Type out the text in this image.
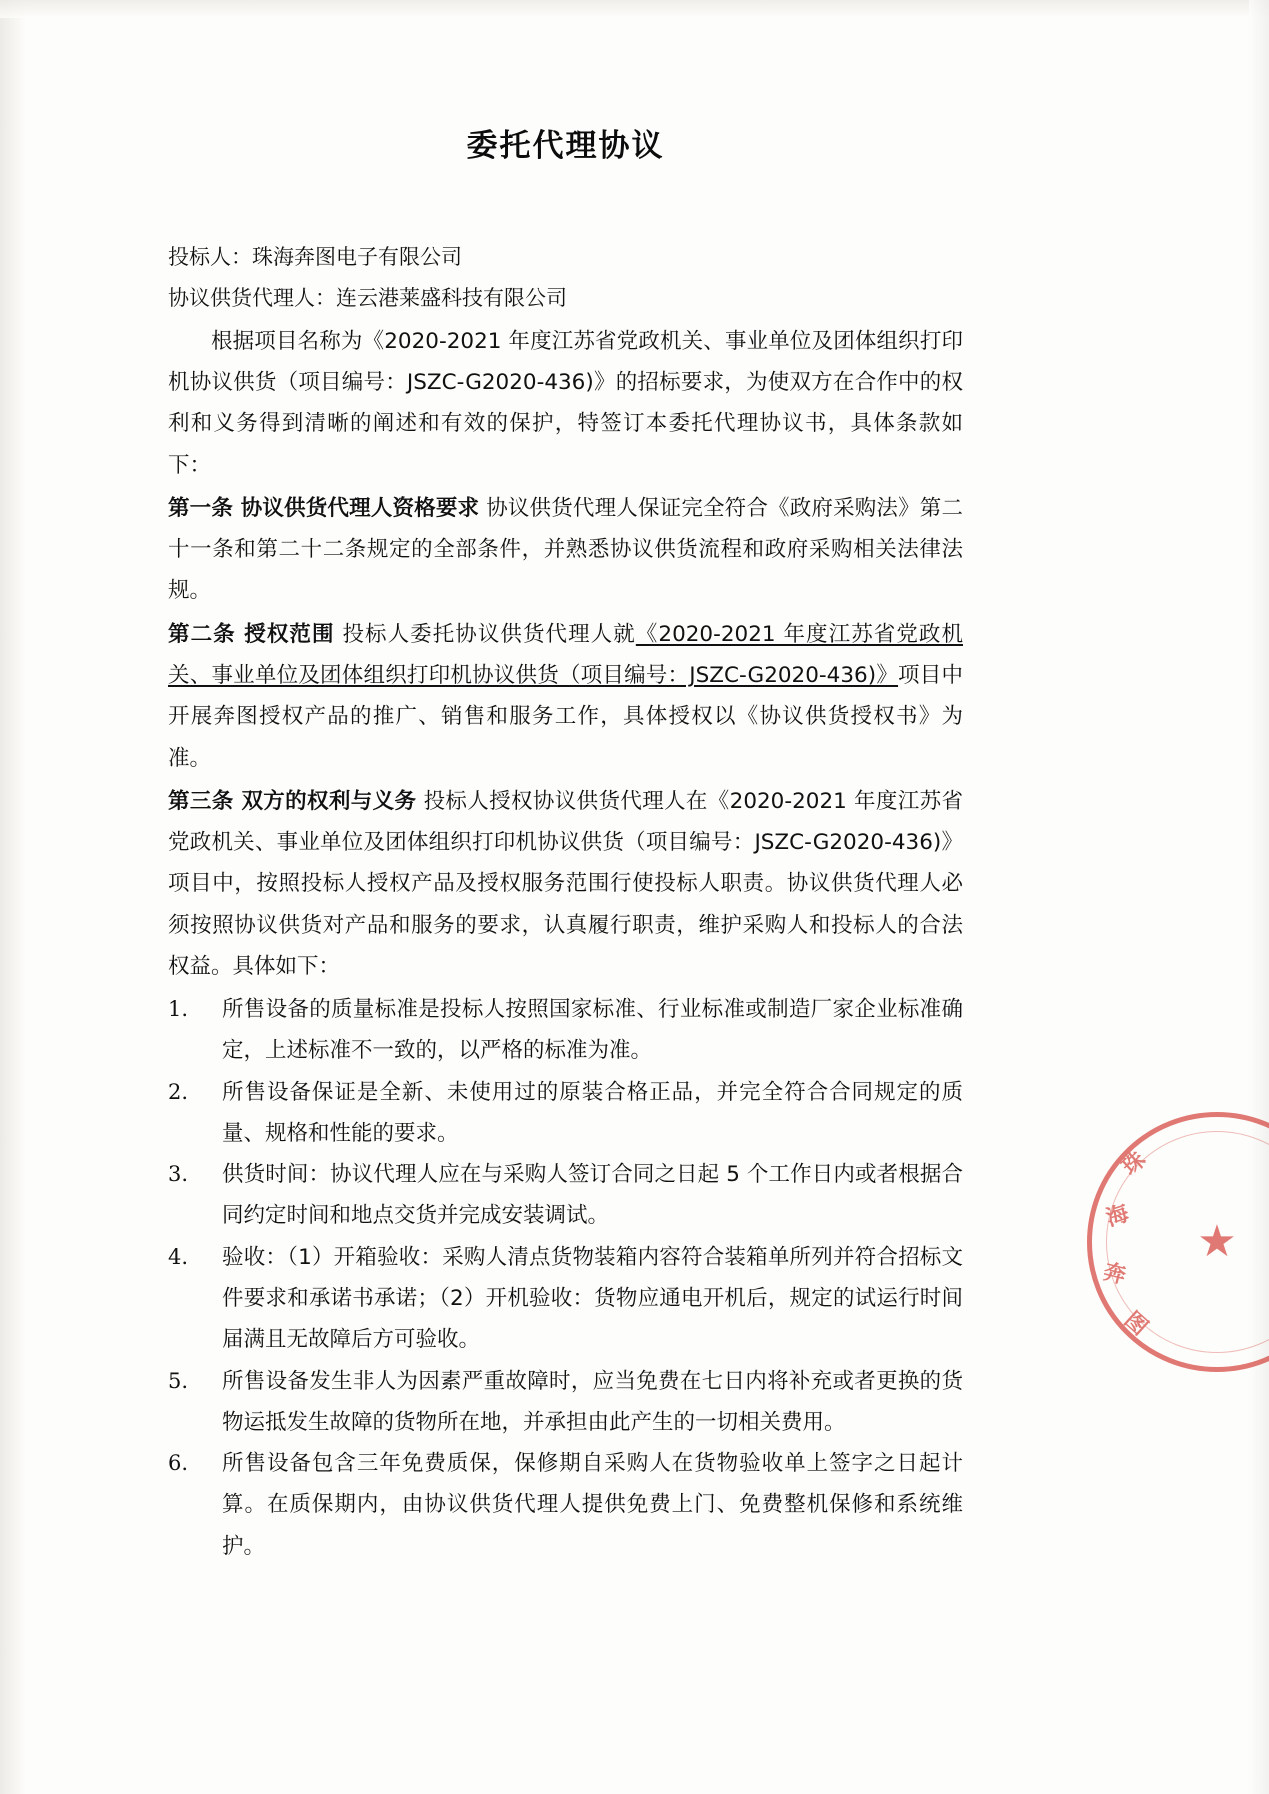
委托代理协议
投标人：珠海奔图电子有限公司
协议供货代理人：连云港莱盛科技有限公司

根据项目名称为《2020-2021 年度江苏省党政机关、事业单位及团体组织打印机协议供货（项目编号：JSZC-G2020-436)》的招标要求，为使双方在合作中的权利和义务得到清晰的阐述和有效的保护，特签订本委托代理协议书，具体条款如下：

第一条 协议供货代理人资格要求 协议供货代理人保证完全符合《政府采购法》第二十一条和第二十二条规定的全部条件，并熟悉协议供货流程和政府采购相关法律法规。

第二条 授权范围 投标人委托协议供货代理人就《2020-2021 年度江苏省党政机关、事业单位及团体组织打印机协议供货（项目编号：JSZC-G2020-436)》项目中开展奔图授权产品的推广、销售和服务工作，具体授权以《协议供货授权书》为准。

第三条 双方的权利与义务 投标人授权协议供货代理人在《2020-2021 年度江苏省党政机关、事业单位及团体组织打印机协议供货（项目编号：JSZC-G2020-436)》项目中，按照投标人授权产品及授权服务范围行使投标人职责。协议供货代理人必须按照协议供货对产品和服务的要求，认真履行职责，维护采购人和投标人的合法权益。具体如下：

1.	所售设备的质量标准是投标人按照国家标准、行业标准或制造厂家企业标准确定，上述标准不一致的，以严格的标准为准。
2.	所售设备保证是全新、未使用过的原装合格正品，并完全符合合同规定的质量、规格和性能的要求。
3.	供货时间：协议代理人应在与采购人签订合同之日起 5 个工作日内或者根据合同约定时间和地点交货并完成安装调试。
4.	验收：（1）开箱验收：采购人清点货物装箱内容符合装箱单所列并符合招标文件要求和承诺书承诺；（2）开机验收：货物应通电开机后，规定的试运行时间届满且无故障后方可验收。
5.	所售设备发生非人为因素严重故障时，应当免费在七日内将补充或者更换的货物运抵发生故障的货物所在地，并承担由此产生的一切相关费用。
6.	所售设备包含三年免费质保，保修期自采购人在货物验收单上签字之日起计算。在质保期内，由协议供货代理人提供免费上门、免费整机保修和系统维护。
★
珠
海
奔
图
